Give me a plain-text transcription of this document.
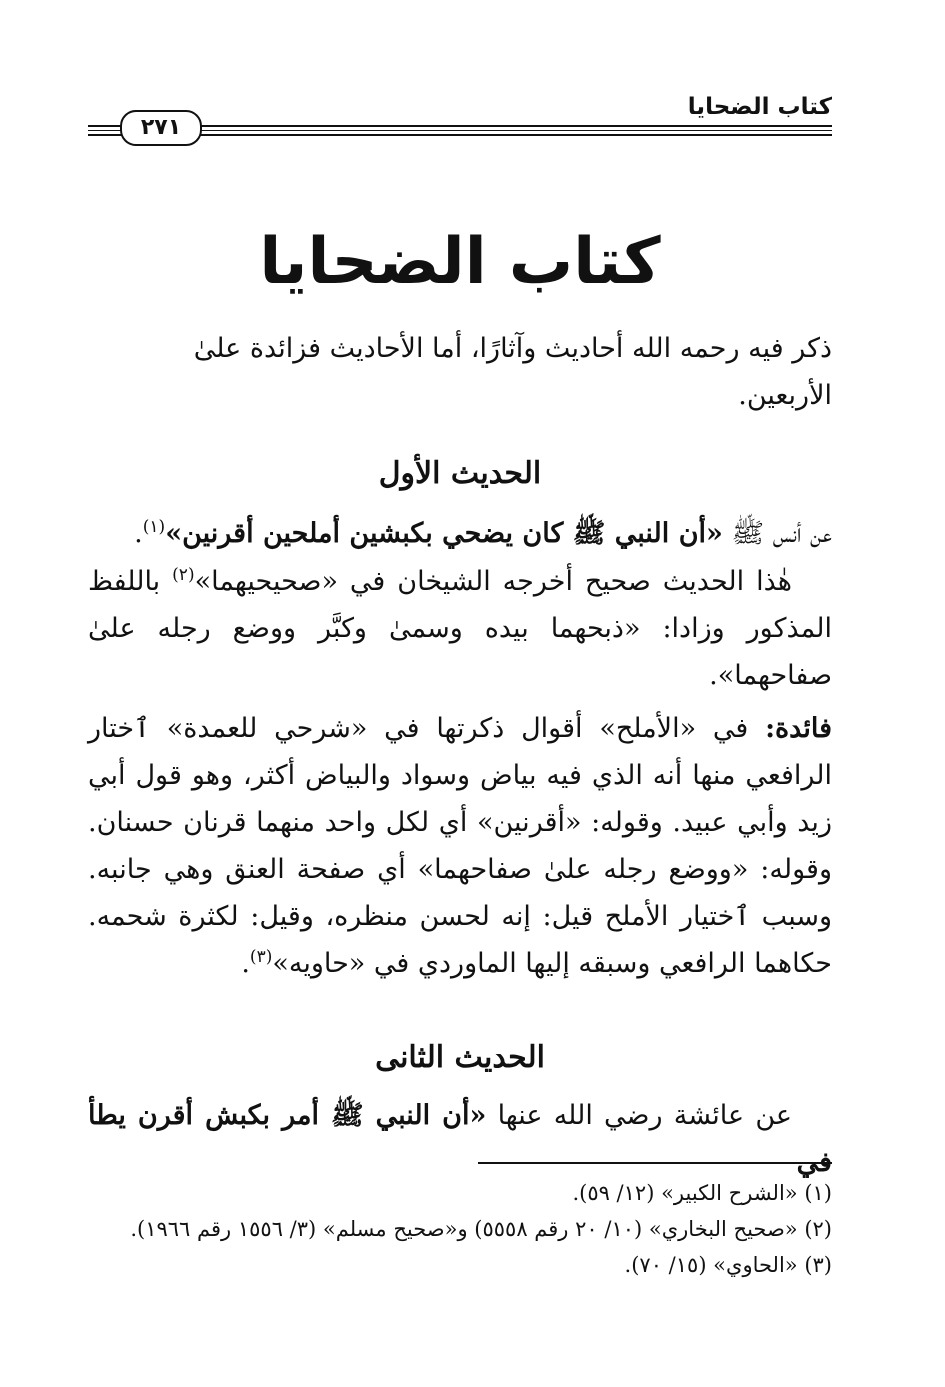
كتاب الضحايا
٢٧١
كتاب الضحايا

ذكر فيه رحمه الله أحاديث وآثارًا، أما الأحاديث فزائدة علىٰ
الأربعين.

الحديث الأول

عن أنس ﷺ «أن النبي ﷺ كان يضحي بكبشين أملحين أقرنين»$^{(١)}$.

هٰذا الحديث صحيح أخرجه الشيخان في «صحيحيهما»$^{(٢)}$ باللفظ المذكور وزادا: «ذبحهما بيده وسمىٰ وكبَّر ووضع رجله علىٰ صفاحهما».

فائدة: في «الأملح» أقوال ذكرتها في «شرحي للعمدة» ٱختار الرافعي منها أنه الذي فيه بياض وسواد والبياض أكثر، وهو قول أبي زيد وأبي عبيد. وقوله: «أقرنين» أي لكل واحد منهما قرنان حسنان. وقوله: «ووضع رجله علىٰ صفاحهما» أي صفحة العنق وهي جانبه. وسبب ٱختيار الأملح قيل: إنه لحسن منظره، وقيل: لكثرة شحمه. حكاهما الرافعي وسبقه إليها الماوردي في «حاويه»$^{(٣)}$.

الحديث الثانى

عن عائشة رضي الله عنها «أن النبي ﷺ أمر بكبش أقرن يطأ في

(١) «الشرح الكبير» (١٢/ ٥٩).
(٢) «صحيح البخاري» (١٠/ ٢٠ رقم ٥٥٥٨) و«صحيح مسلم» (٣/ ١٥٥٦ رقم ١٩٦٦).
(٣) «الحاوي» (١٥/ ٧٠).
